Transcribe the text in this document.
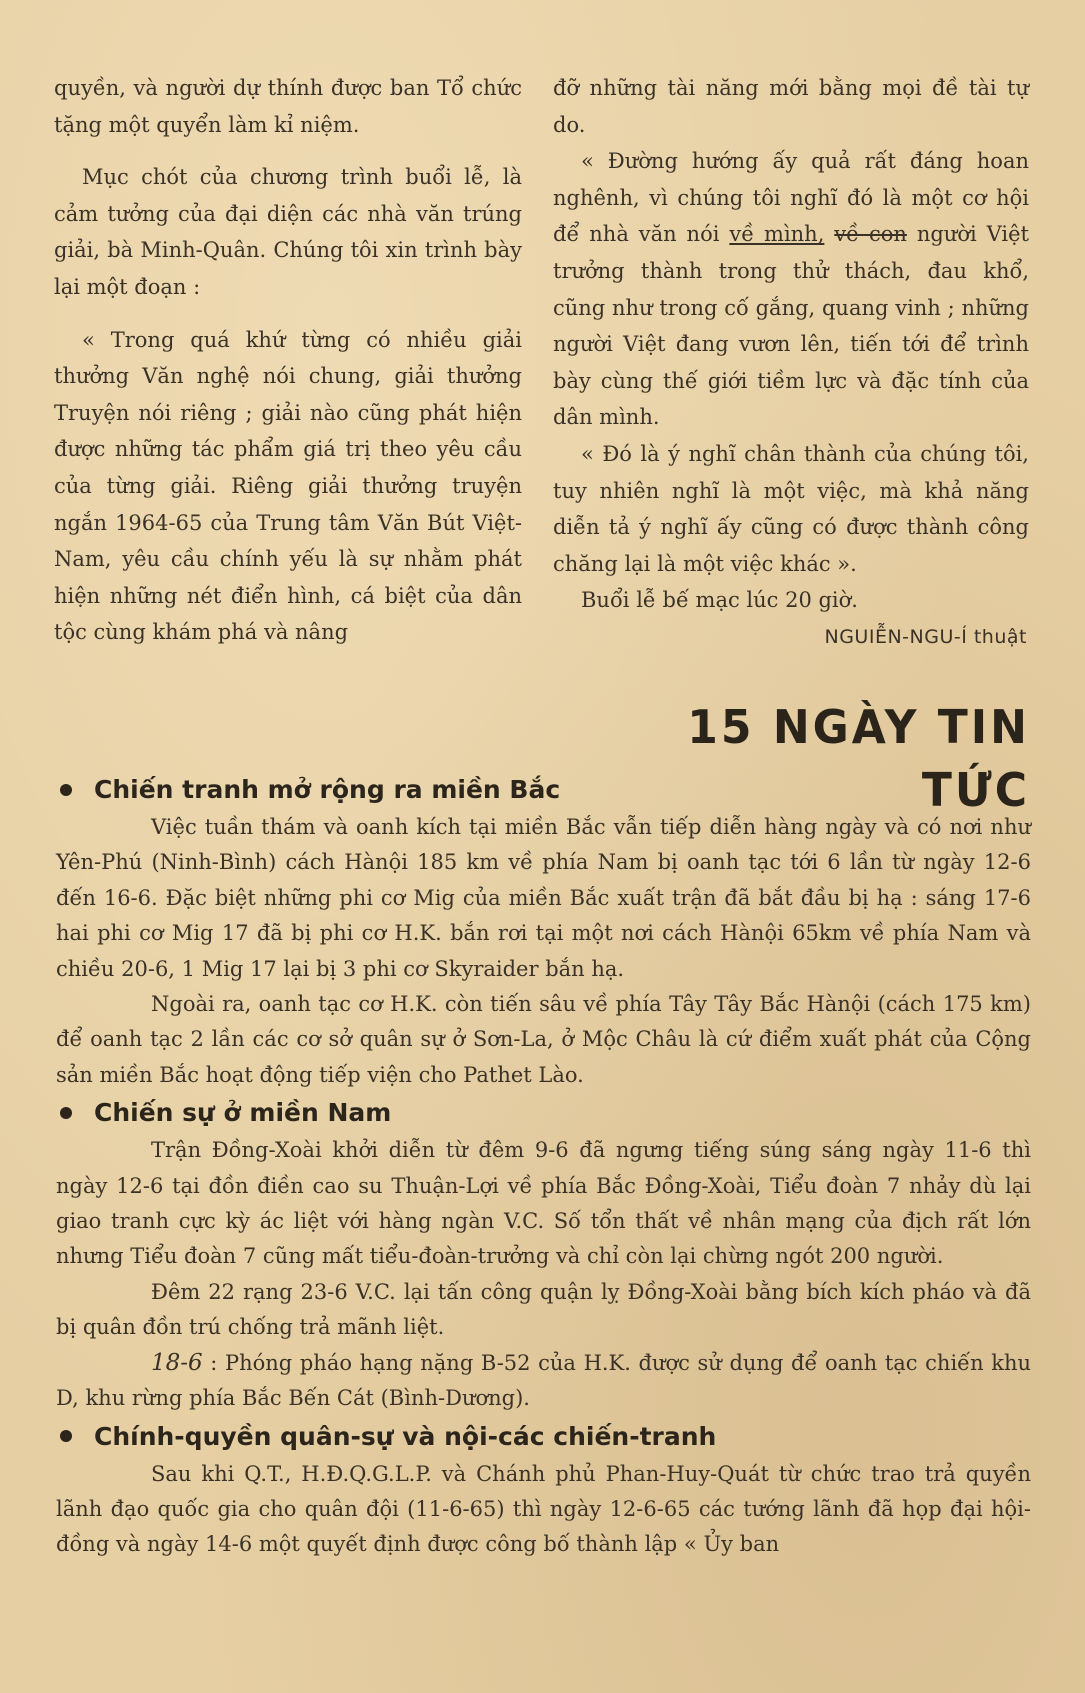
quyền, và người dự thính được ban Tổ chức tặng một quyển làm kỉ niệm.

Mục chót của chương trình buổi lễ, là cảm tưởng của đại diện các nhà văn trúng giải, bà Minh-Quân. Chúng tôi xin trình bày lại một đoạn :

« Trong quá khứ từng có nhiều giải thưởng Văn nghệ nói chung, giải thưởng Truyện nói riêng ; giải nào cũng phát hiện được những tác phẩm giá trị theo yêu cầu của từng giải. Riêng giải thưởng truyện ngắn 1964-65 của Trung tâm Văn Bút Việt-Nam, yêu cầu chính yếu là sự nhằm phát hiện những nét điển hình, cá biệt của dân tộc cùng khám phá và nâng

đỡ những tài năng mới bằng mọi đề tài tự do.

« Đường hướng ấy quả rất đáng hoan nghênh, vì chúng tôi nghĩ đó là một cơ hội để nhà văn nói về mình, về con người Việt trưởng thành trong thử thách, đau khổ, cũng như trong cố gắng, quang vinh ; những người Việt đang vươn lên, tiến tới để trình bày cùng thế giới tiềm lực và đặc tính của dân mình.

« Đó là ý nghĩ chân thành của chúng tôi, tuy nhiên nghĩ là một việc, mà khả năng diễn tả ý nghĩ ấy cũng có được thành công chăng lại là một việc khác ».

Buổi lễ bế mạc lúc 20 giờ.

NGUIỄN-NGU-Í thuật

15 NGÀY TIN TỨC

Chiến tranh mở rộng ra miền Bắc

Việc tuần thám và oanh kích tại miền Bắc vẫn tiếp diễn hàng ngày và có nơi như Yên-Phú (Ninh-Bình) cách Hànội 185 km về phía Nam bị oanh tạc tới 6 lần từ ngày 12-6 đến 16-6. Đặc biệt những phi cơ Mig của miền Bắc xuất trận đã bắt đầu bị hạ : sáng 17-6 hai phi cơ Mig 17 đã bị phi cơ H.K. bắn rơi tại một nơi cách Hànội 65km về phía Nam và chiều 20-6, 1 Mig 17 lại bị 3 phi cơ Skyraider bắn hạ.

Ngoài ra, oanh tạc cơ H.K. còn tiến sâu về phía Tây Tây Bắc Hànội (cách 175 km) để oanh tạc 2 lần các cơ sở quân sự ở Sơn-La, ở Mộc Châu là cứ điểm xuất phát của Cộng sản miền Bắc hoạt động tiếp viện cho Pathet Lào.

Chiến sự ở miền Nam

Trận Đồng-Xoài khởi diễn từ đêm 9-6 đã ngưng tiếng súng sáng ngày 11-6 thì ngày 12-6 tại đồn điền cao su Thuận-Lợi về phía Bắc Đồng-Xoài, Tiểu đoàn 7 nhảy dù lại giao tranh cực kỳ ác liệt với hàng ngàn V.C. Số tổn thất về nhân mạng của địch rất lớn nhưng Tiểu đoàn 7 cũng mất tiểu-đoàn-trưởng và chỉ còn lại chừng ngót 200 người.

Đêm 22 rạng 23-6 V.C. lại tấn công quận lỵ Đồng-Xoài bằng bích kích pháo và đã bị quân đồn trú chống trả mãnh liệt.

18-6 : Phóng pháo hạng nặng B-52 của H.K. được sử dụng để oanh tạc chiến khu D, khu rừng phía Bắc Bến Cát (Bình-Dương).

Chính-quyền quân-sự và nội-các chiến-tranh

Sau khi Q.T., H.Đ.Q.G.L.P. và Chánh phủ Phan-Huy-Quát từ chức trao trả quyền lãnh đạo quốc gia cho quân đội (11-6-65) thì ngày 12-6-65 các tướng lãnh đã họp đại hội-đồng và ngày 14-6 một quyết định được công bố thành lập « Ủy ban
